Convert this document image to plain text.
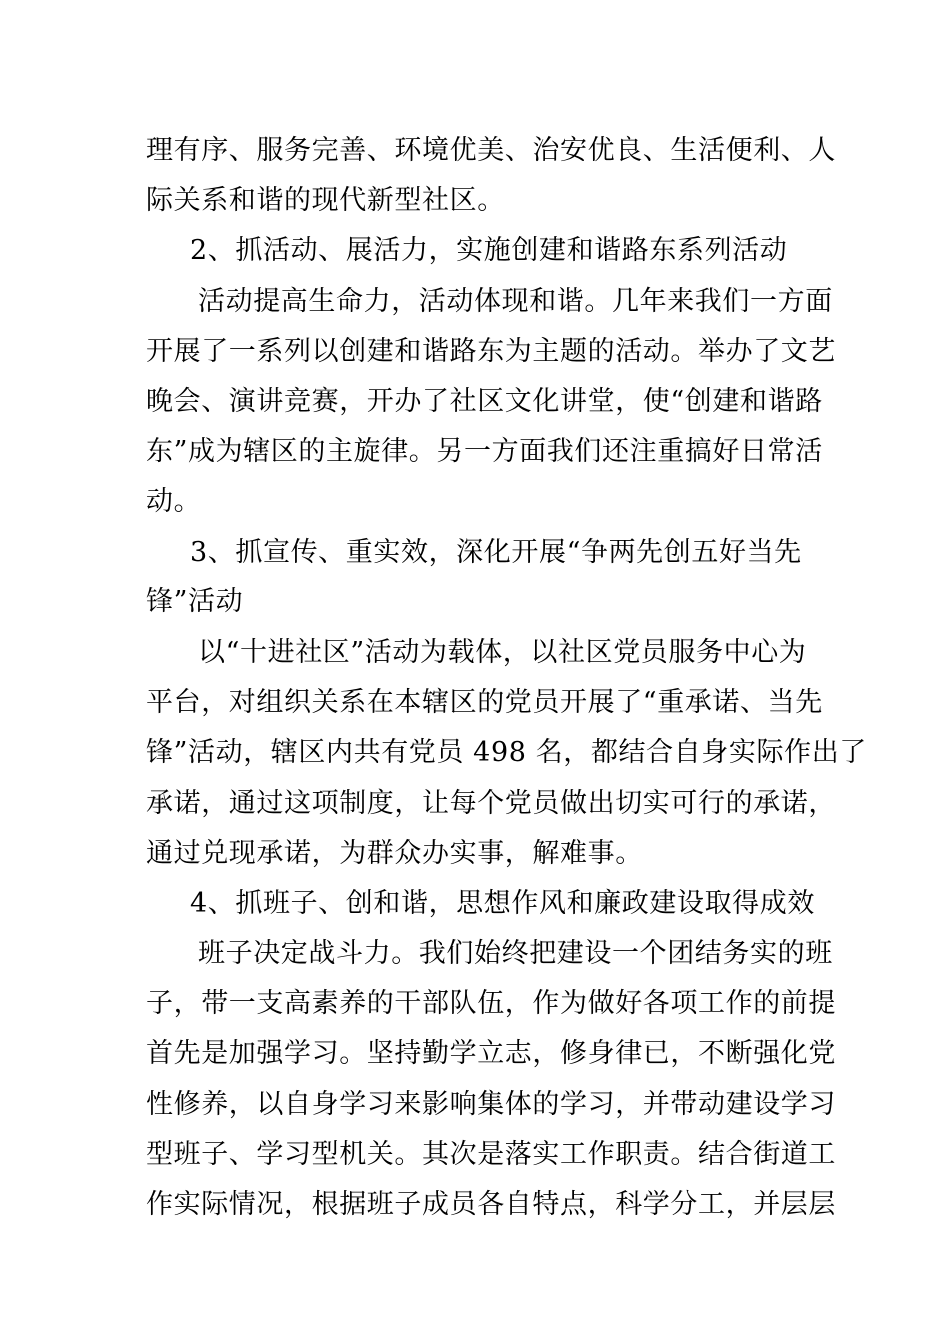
理有序、服务完善、环境优美、治安优良、生活便利、人
际关系和谐的现代新型社区。
2、抓活动、展活力，实施创建和谐路东系列活动
活动提高生命力，活动体现和谐。几年来我们一方面
开展了一系列以创建和谐路东为主题的活动。举办了文艺
晚会、演讲竞赛，开办了社区文化讲堂，使“创建和谐路
东”成为辖区的主旋律。另一方面我们还注重搞好日常活
动。
3、抓宣传、重实效，深化开展“争两先创五好当先
锋”活动
以“十进社区”活动为载体，以社区党员服务中心为
平台，对组织关系在本辖区的党员开展了“重承诺、当先
锋”活动，辖区内共有党员 498 名，都结合自身实际作出了
承诺，通过这项制度，让每个党员做出切实可行的承诺，
通过兑现承诺，为群众办实事，解难事。
4、抓班子、创和谐，思想作风和廉政建设取得成效
班子决定战斗力。我们始终把建设一个团结务实的班
子，带一支高素养的干部队伍，作为做好各项工作的前提
首先是加强学习。坚持勤学立志，修身律已，不断强化党
性修养，以自身学习来影响集体的学习，并带动建设学习
型班子、学习型机关。其次是落实工作职责。结合街道工
作实际情况，根据班子成员各自特点，科学分工，并层层
